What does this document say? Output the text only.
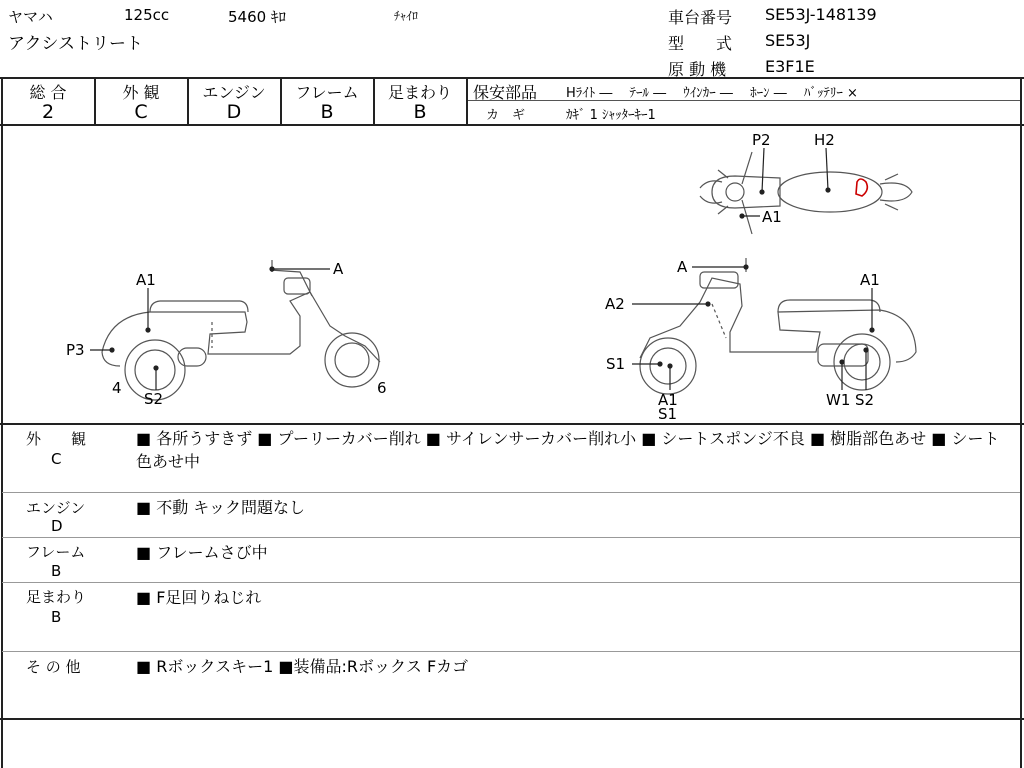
ヤマハ	125cc	5460 ｷﾛ	ﾁｬｲﾛ
アクシストリート
車台番号 SE53J-148139
型　　式 SE53J
原 動 機 E3F1E
総 合
2
外 観
C
エンジン
D
フレーム
B
足まわり
B
保安部品 Hﾗｲﾄ ―　 ﾃｰﾙ ―　 ｳｲﾝｶｰ ―　 ﾎｰﾝ ―　 ﾊﾞｯﾃﾘｰ ×
カ　ギ	ｶｷﾞ 1 ｼｬｯﾀｰｷｰ1
P2	H2
A1
A1
A
P3
4
S2
6
A
A1
A2
S1
A1
S1
W1 S2
外　　観
C
■ 各所うすきず ■ プーリーカバー削れ ■ サイレンサーカバー削れ小 ■ シートスポンジ不良 ■ 樹脂部色あせ ■ シート色あせ中
エンジン
D
■ 不動 キック問題なし
フレーム
B
■ フレームさび中
足まわり
B
■ F足回りねじれ
そ の 他	■ Rボックスキー1 ■装備品:Rボックス Fカゴ
